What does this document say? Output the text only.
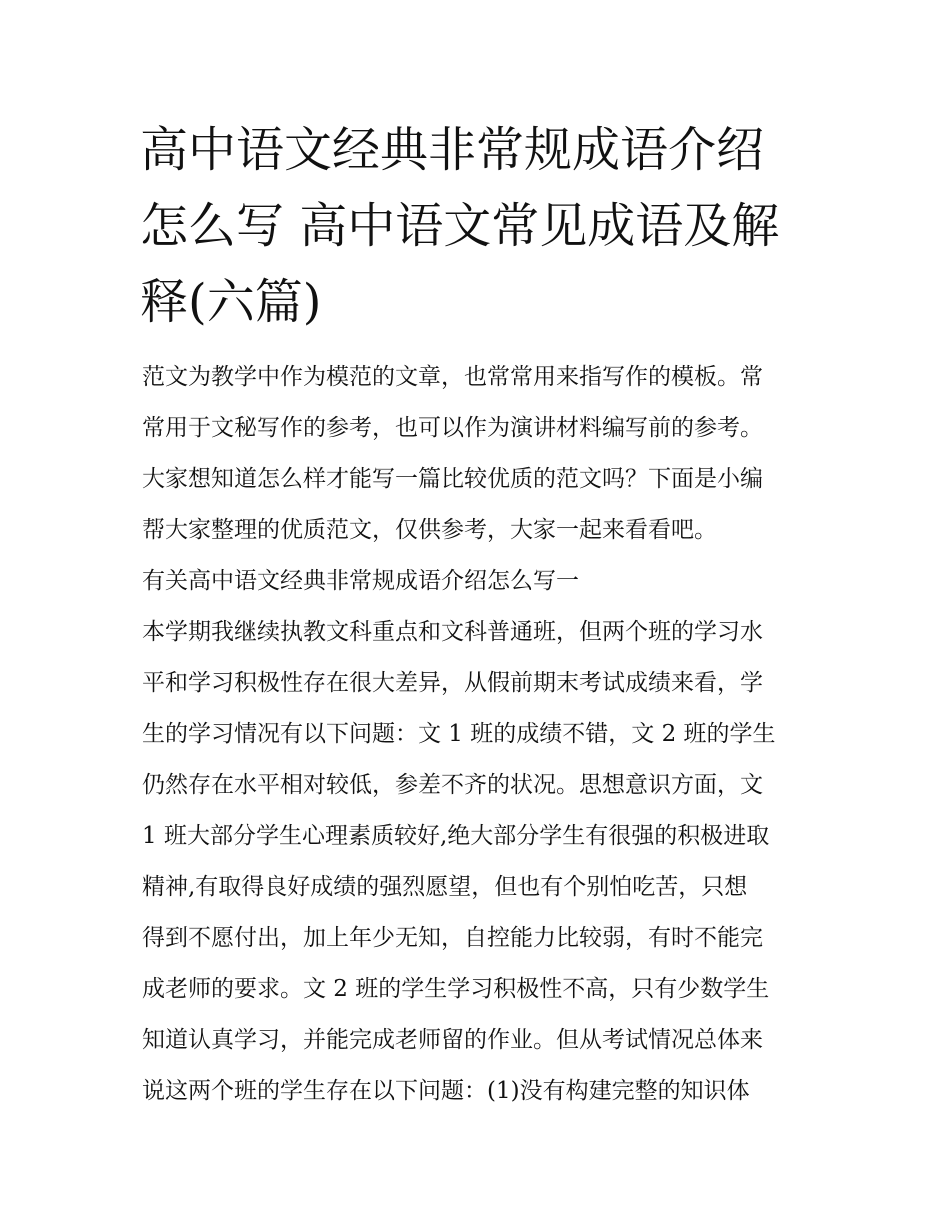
高中语文经典非常规成语介绍
怎么写 高中语文常见成语及解
释(六篇)
范文为教学中作为模范的文章，也常常用来指写作的模板。常
常用于文秘写作的参考，也可以作为演讲材料编写前的参考。
大家想知道怎么样才能写一篇比较优质的范文吗？下面是小编
帮大家整理的优质范文，仅供参考，大家一起来看看吧。
有关高中语文经典非常规成语介绍怎么写一
本学期我继续执教文科重点和文科普通班，但两个班的学习水
平和学习积极性存在很大差异，从假前期末考试成绩来看，学
生的学习情况有以下问题：文 1 班的成绩不错，文 2 班的学生
仍然存在水平相对较低，参差不齐的状况。思想意识方面，文
1 班大部分学生心理素质较好,绝大部分学生有很强的积极进取
精神,有取得良好成绩的强烈愿望，但也有个别怕吃苦，只想
得到不愿付出，加上年少无知，自控能力比较弱，有时不能完
成老师的要求。文 2 班的学生学习积极性不高，只有少数学生
知道认真学习，并能完成老师留的作业。但从考试情况总体来
说这两个班的学生存在以下问题：(1)没有构建完整的知识体
